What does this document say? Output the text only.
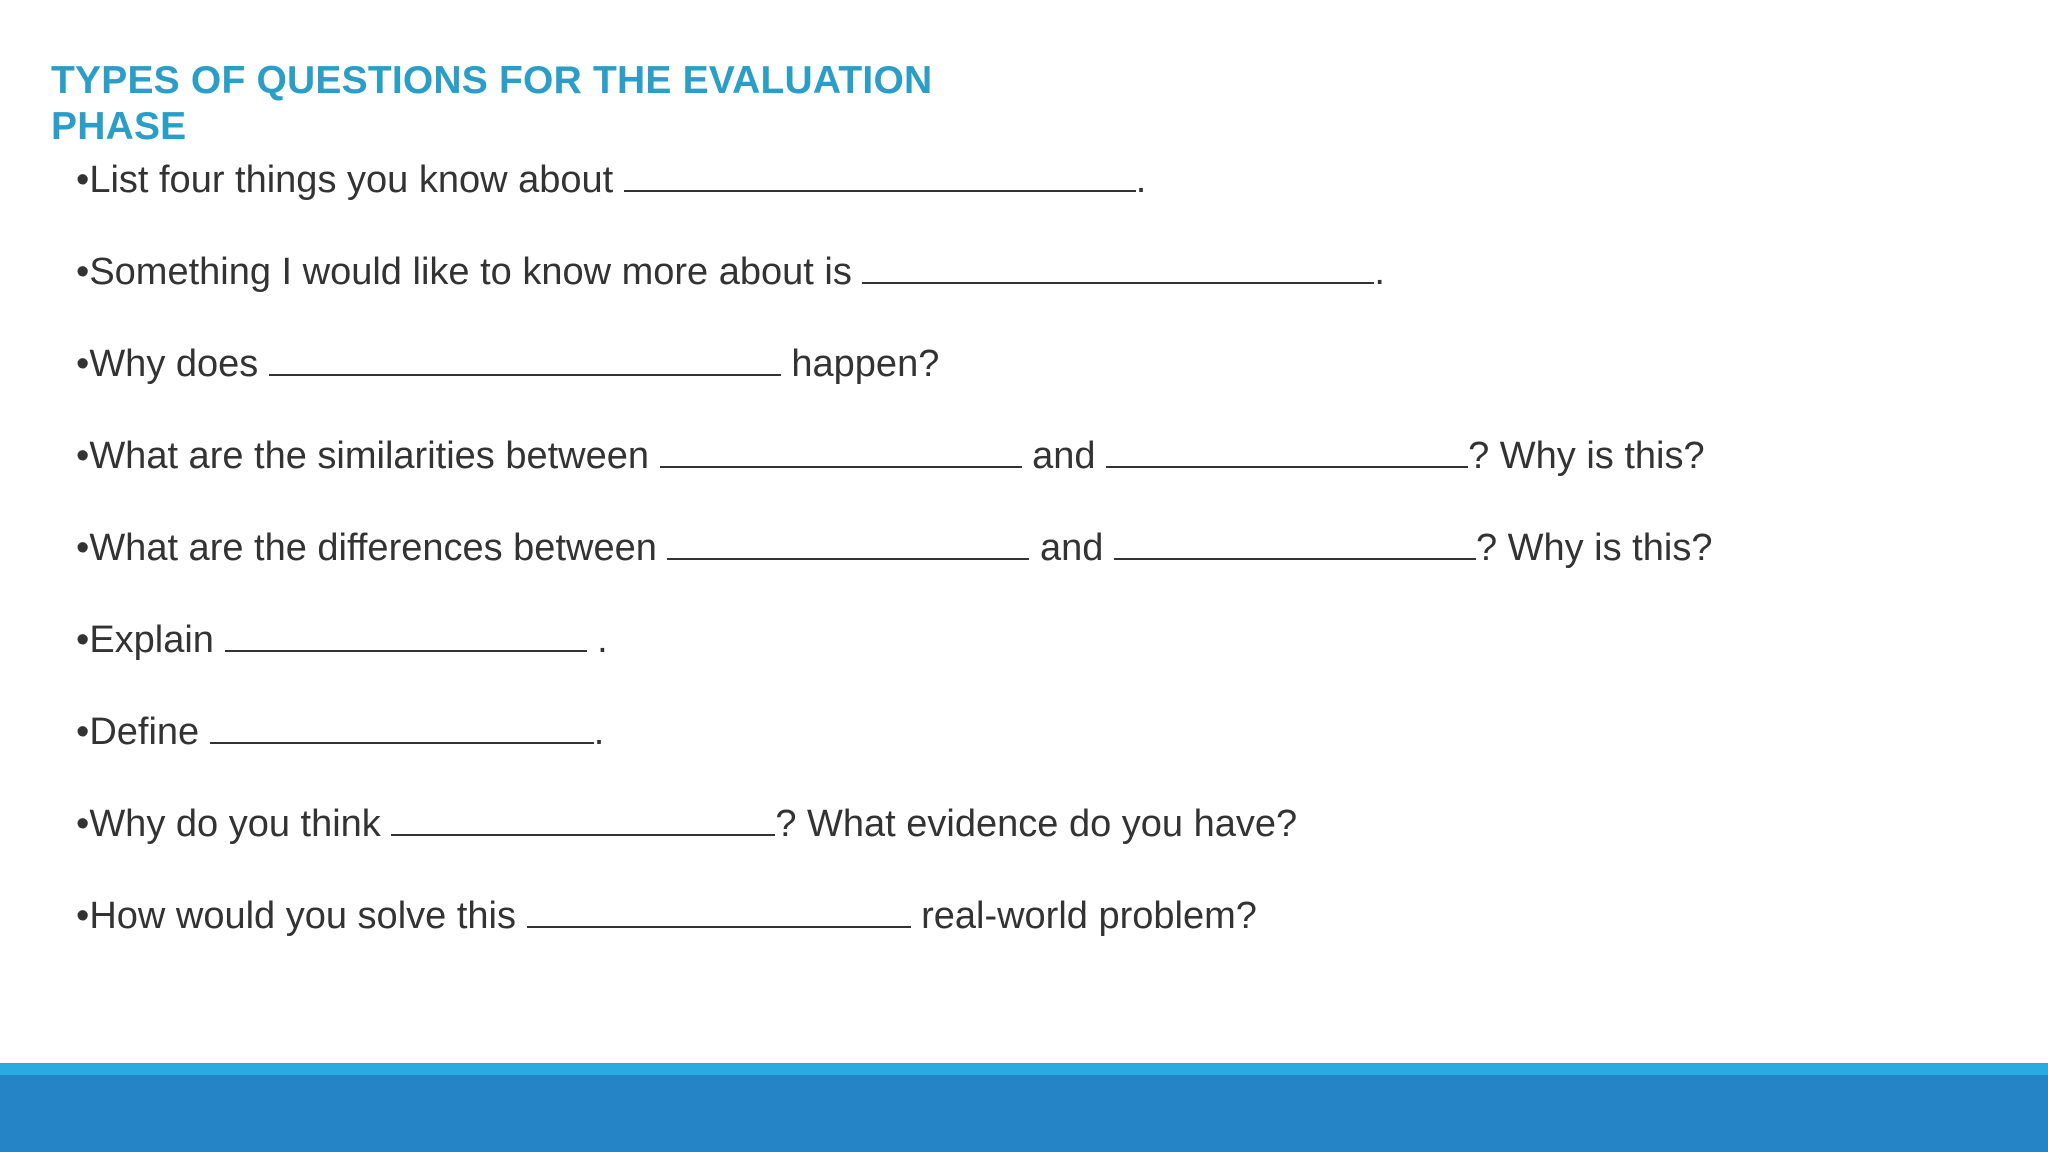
TYPES OF QUESTIONS FOR THE EVALUATION PHASE
•List four things you know about	.
•Something I would like to know more about is	.
•Why does	happen?
•What are the similarities between	and	? Why is this?
•What are the differences between	and	? Why is this?
•Explain	.
•Define	.
•Why do you think	? What evidence do you have?
•How would you solve this	real-world problem?
